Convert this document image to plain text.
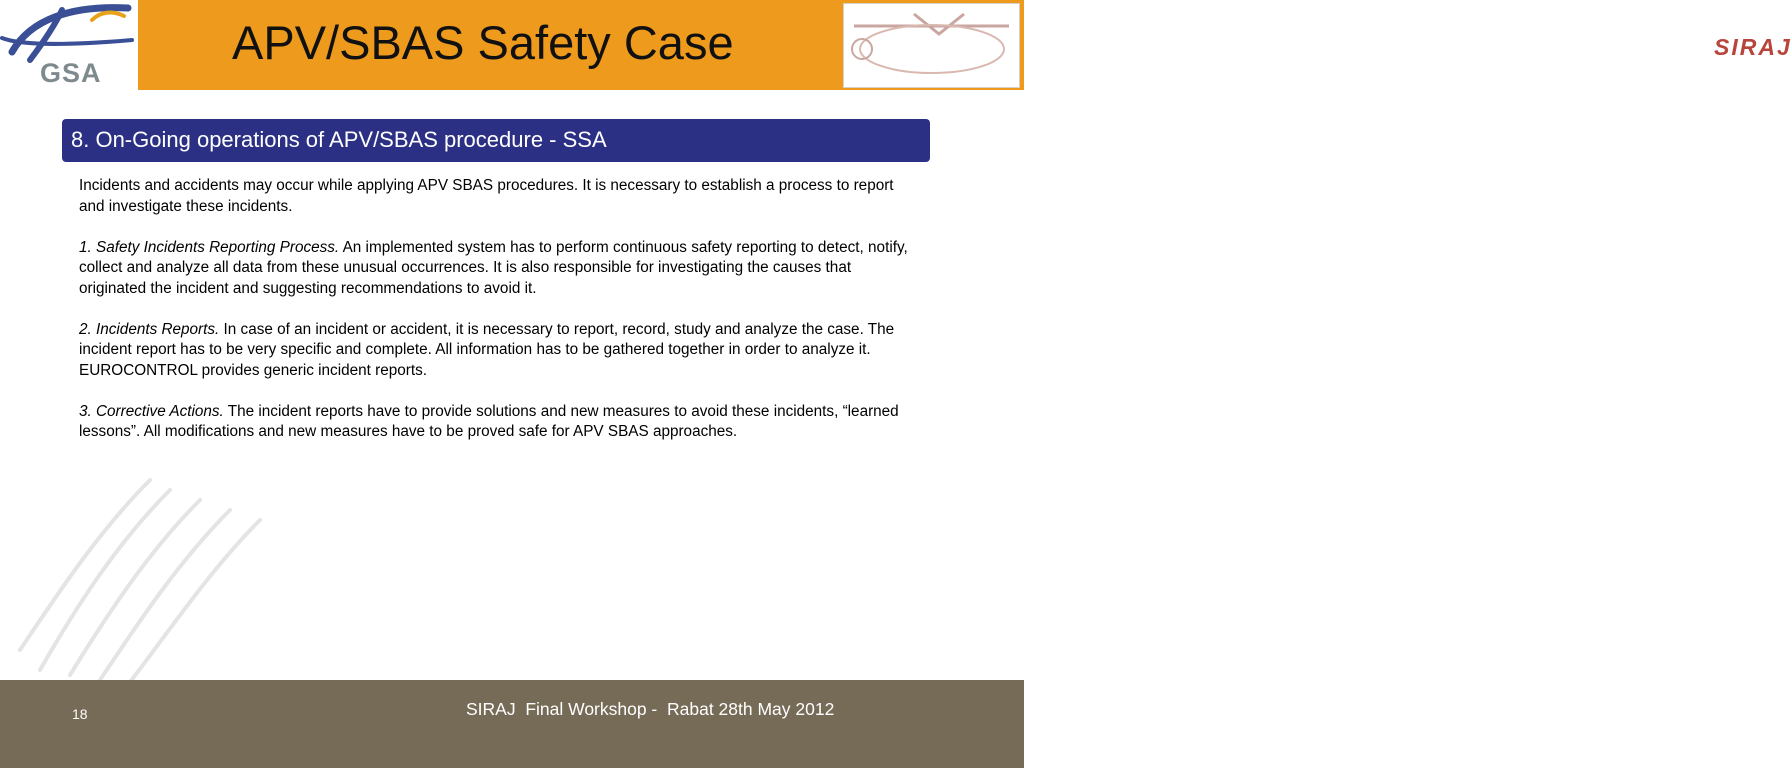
GSA
APV/SBAS Safety Case	SIRAJ
8. On-Going operations of APV/SBAS procedure - SSA

Incidents and accidents may occur while applying APV SBAS procedures. It is necessary to establish a process to report and investigate these incidents.

1. Safety Incidents Reporting Process. An implemented system has to perform continuous safety reporting to detect, notify, collect and analyze all data from these unusual occurrences. It is also responsible for investigating the causes that originated the incident and suggesting recommendations to avoid it.

2. Incidents Reports. In case of an incident or accident, it is necessary to report, record, study and analyze the case. The incident report has to be very specific and complete. All information has to be gathered together in order to analyze it. EUROCONTROL provides generic incident reports.

3. Corrective Actions. The incident reports have to provide solutions and new measures to avoid these incidents, “learned lessons”. All modifications and new measures have to be proved safe for APV SBAS approaches.

18	SIRAJ  Final Workshop -  Rabat 28th May 2012
